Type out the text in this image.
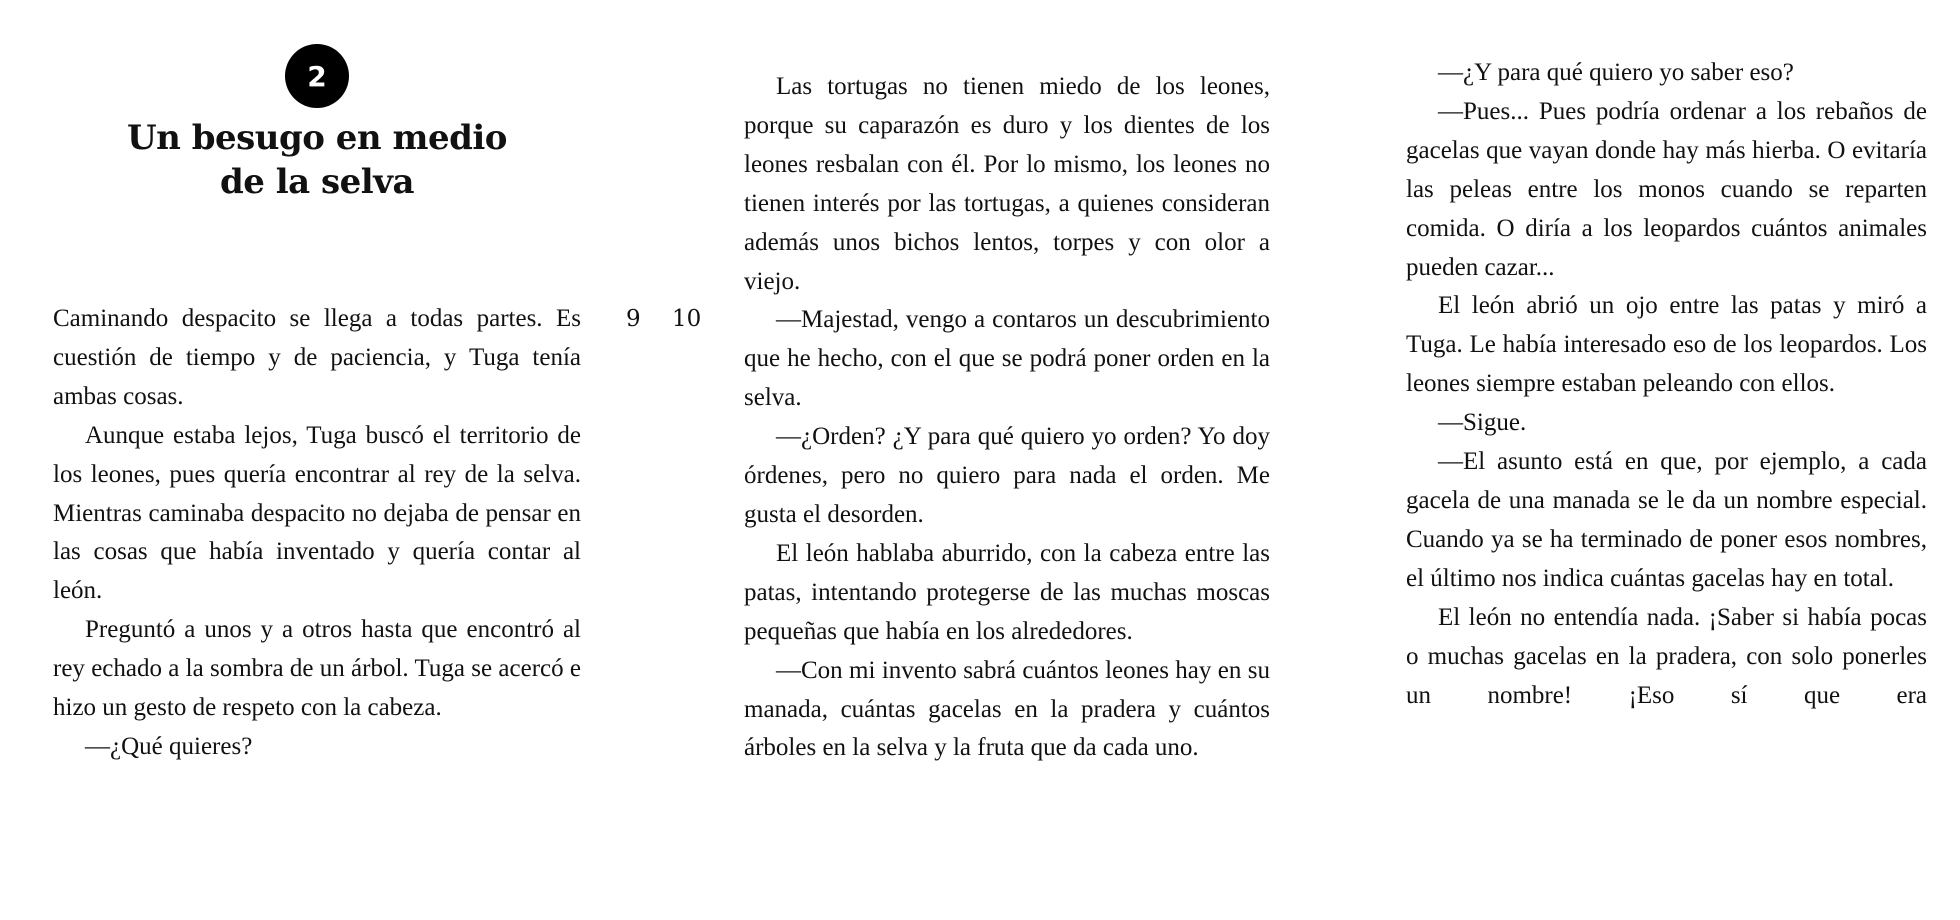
2
Un besugo en medio
de la selva

Caminando despacito se llega a todas partes. Es cuestión de tiempo y de paciencia, y Tuga tenía ambas cosas.

Aunque estaba lejos, Tuga buscó el territorio de los leones, pues quería encontrar al rey de la selva. Mientras caminaba despacito no dejaba de pensar en las cosas que había inventado y quería contar al león.

Preguntó a unos y a otros hasta que encontró al rey echado a la sombra de un árbol. Tuga se acercó e hizo un gesto de respeto con la cabeza.

—¿Qué quieres?

9 10

Las tortugas no tienen miedo de los leones, porque su caparazón es duro y los dientes de los leones resbalan con él. Por lo mismo, los leones no tienen interés por las tortugas, a quienes consideran además unos bichos lentos, torpes y con olor a viejo.

—Majestad, vengo a contaros un descubrimiento que he hecho, con el que se podrá poner orden en la selva.

—¿Orden? ¿Y para qué quiero yo orden? Yo doy órdenes, pero no quiero para nada el orden. Me gusta el desorden.

El león hablaba aburrido, con la cabeza entre las patas, intentando protegerse de las muchas moscas pequeñas que había en los alrededores.

—Con mi invento sabrá cuántos leones hay en su manada, cuántas gacelas en la pradera y cuántos árboles en la selva y la fruta que da cada uno.

—¿Y para qué quiero yo saber eso?

—Pues... Pues podría ordenar a los rebaños de gacelas que vayan donde hay más hierba. O evitaría las peleas entre los monos cuando se reparten comida. O diría a los leopardos cuántos animales pueden cazar...

El león abrió un ojo entre las patas y miró a Tuga. Le había interesado eso de los leopardos. Los leones siempre estaban peleando con ellos.

—Sigue.

—El asunto está en que, por ejemplo, a cada gacela de una manada se le da un nombre especial. Cuando ya se ha terminado de poner esos nombres, el último nos indica cuántas gacelas hay en total.

El león no entendía nada. ¡Saber si había pocas o muchas gacelas en la pradera, con solo ponerles un nombre! ¡Eso sí que era
